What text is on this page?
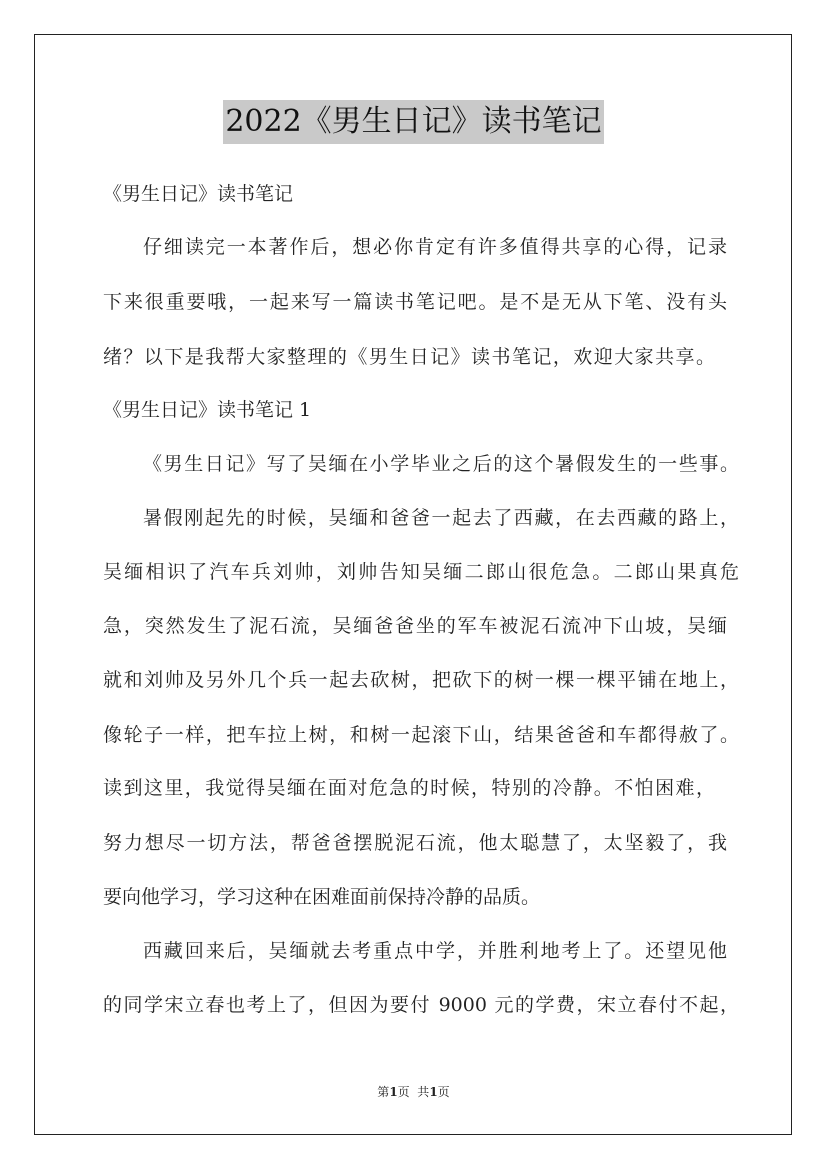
2022《男生日记》读书笔记
《男生日记》读书笔记
仔细读完一本著作后，想必你肯定有许多值得共享的心得，记录
下来很重要哦，一起来写一篇读书笔记吧。是不是无从下笔、没有头
绪？以下是我帮大家整理的《男生日记》读书笔记，欢迎大家共享。
《男生日记》读书笔记 1
《男生日记》写了吴缅在小学毕业之后的这个暑假发生的一些事。
暑假刚起先的时候，吴缅和爸爸一起去了西藏，在去西藏的路上，
吴缅相识了汽车兵刘帅，刘帅告知吴缅二郎山很危急。二郎山果真危
急，突然发生了泥石流，吴缅爸爸坐的军车被泥石流冲下山坡，吴缅
就和刘帅及另外几个兵一起去砍树，把砍下的树一棵一棵平铺在地上，
像轮子一样，把车拉上树，和树一起滚下山，结果爸爸和车都得赦了。
读到这里，我觉得吴缅在面对危急的时候，特别的冷静。不怕困难，
努力想尽一切方法，帮爸爸摆脱泥石流，他太聪慧了，太坚毅了，我
要向他学习，学习这种在困难面前保持冷静的品质。
西藏回来后，吴缅就去考重点中学，并胜利地考上了。还望见他
的同学宋立春也考上了，但因为要付 9000 元的学费，宋立春付不起，
第1页  共1页
